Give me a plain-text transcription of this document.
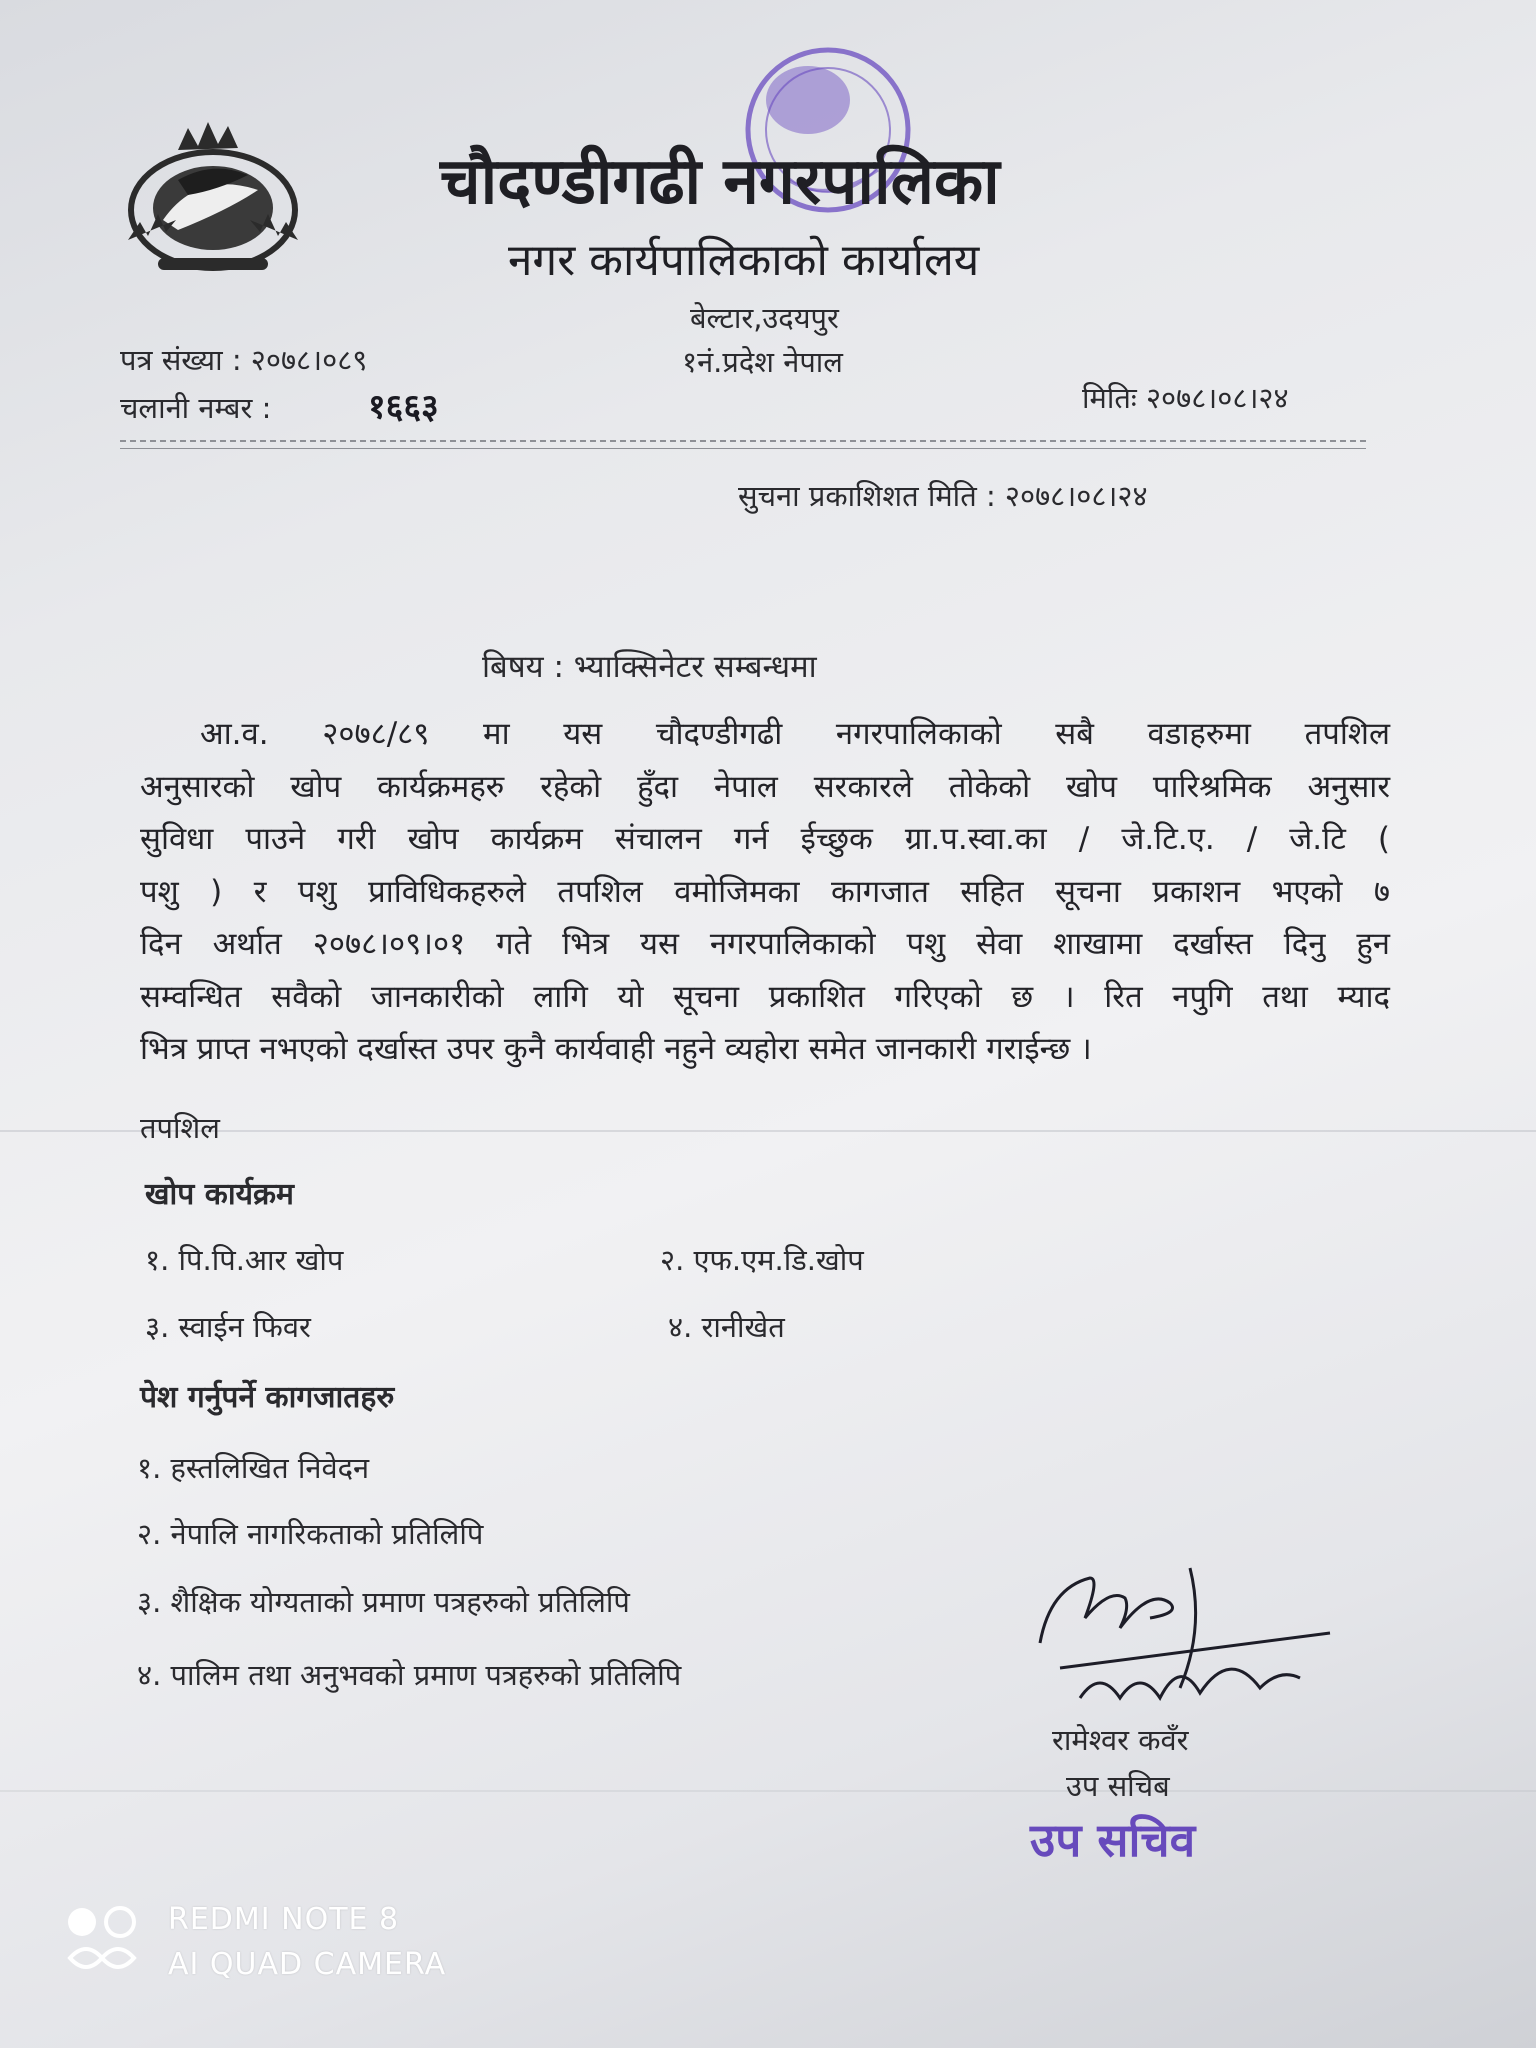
चौदण्डीगढी नगरपालिका
नगर कार्यपालिकाको कार्यालय
बेल्टार,उदयपुर
१नं.प्रदेश नेपाल
पत्र संख्या : २०७८।०८९
चलानी नम्बर :	१६६३	मितिः २०७८।०८।२४
सुचना प्रकाशिशत मिति : २०७८।०८।२४
बिषय : भ्याक्सिनेटर सम्बन्धमा
आ.व. २०७८/८९ मा यस चौदण्डीगढी नगरपालिकाको सबै वडाहरुमा तपशिल
अनुसारको खोप कार्यक्रमहरु रहेको हुँदा नेपाल सरकारले तोकेको खोप पारिश्रमिक अनुसार
सुविधा पाउने गरी खोप कार्यक्रम संचालन गर्न ईच्छुक ग्रा.प.स्वा.का / जे.टि.ए. / जे.टि (
पशु ) र पशु प्राविधिकहरुले तपशिल वमोजिमका कागजात सहित सूचना प्रकाशन भएको ७
दिन अर्थात २०७८।०९।०१ गते भित्र यस नगरपालिकाको पशु सेवा शाखामा दर्खास्त दिनु हुन
सम्वन्धित सवैको जानकारीको लागि यो सूचना प्रकाशित गरिएको छ । रित नपुगि तथा म्याद
भित्र प्राप्त नभएको दर्खास्त उपर कुनै कार्यवाही नहुने व्यहोरा समेत जानकारी गराईन्छ ।
तपशिल
खोप कार्यक्रम
१. पि.पि.आर खोप	२. एफ.एम.डि.खोप
३. स्वाईन फिवर	४. रानीखेत
पेश गर्नुपर्ने कागजातहरु
१. हस्तलिखित निवेदन
२. नेपालि नागरिकताको प्रतिलिपि
३. शैक्षिक योग्यताको प्रमाण पत्रहरुको प्रतिलिपि
४. पालिम तथा अनुभवको प्रमाण पत्रहरुको प्रतिलिपि
रामेश्वर कवँर
उप सचिब
उप सचिव
REDMI NOTE 8
AI QUAD CAMERA
